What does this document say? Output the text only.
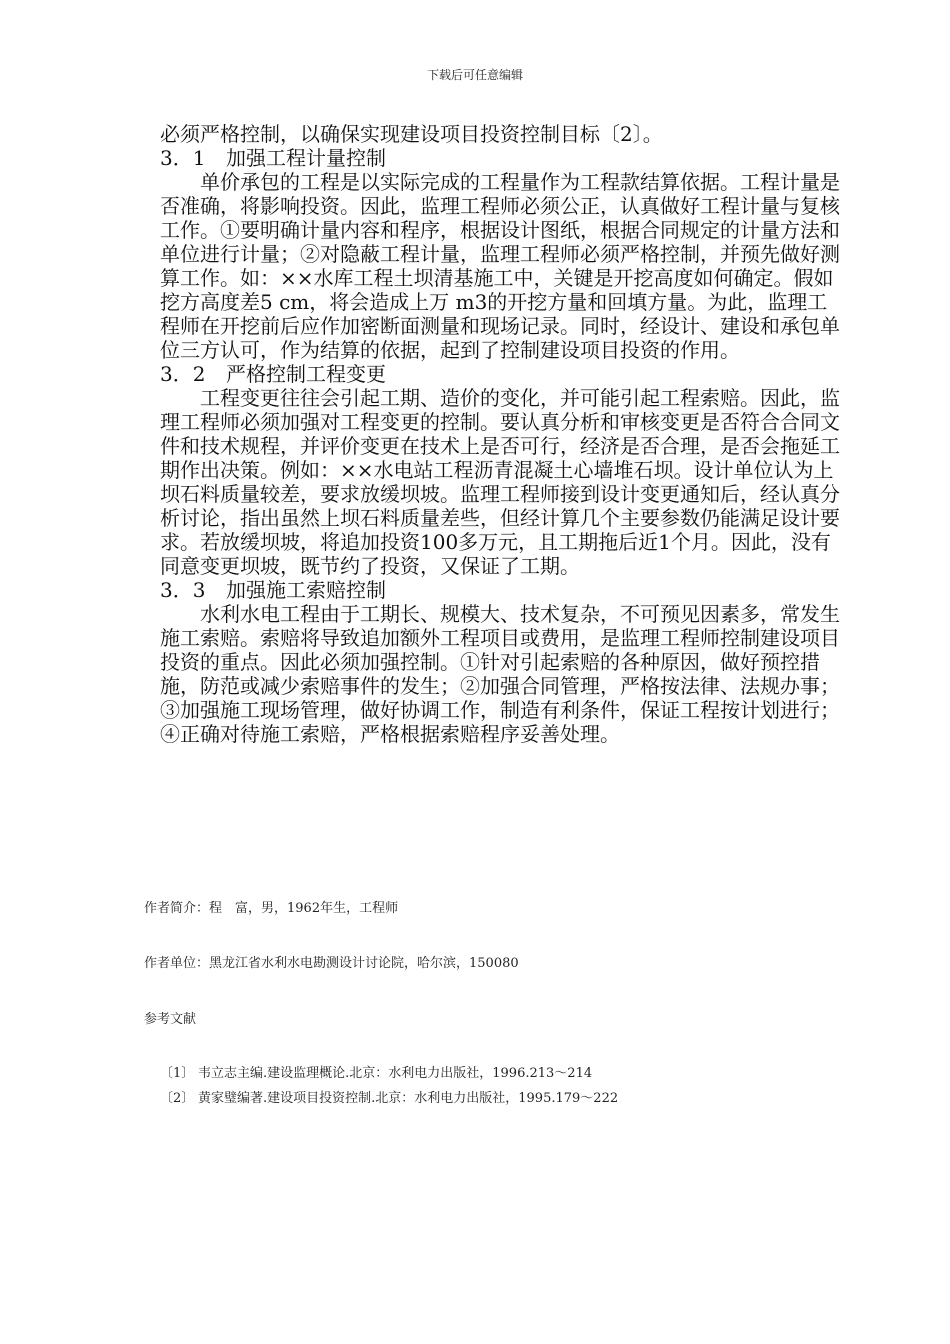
下载后可任意编辑

必须严格控制，以确保实现建设项目投资控制目标〔2〕。

3．1 加强工程计量控制

单价承包的工程是以实际完成的工程量作为工程款结算依据。工程计量是否准确，将影响投资。因此，监理工程师必须公正，认真做好工程计量与复核工作。①要明确计量内容和程序，根据设计图纸，根据合同规定的计量方法和单位进行计量；②对隐蔽工程计量，监理工程师必须严格控制，并预先做好测算工作。如：××水库工程土坝清基施工中，关键是开挖高度如何确定。假如挖方高度差5 cm，将会造成上万 m3的开挖方量和回填方量。为此，监理工程师在开挖前后应作加密断面测量和现场记录。同时，经设计、建设和承包单位三方认可，作为结算的依据，起到了控制建设项目投资的作用。

3．2 严格控制工程变更

工程变更往往会引起工期、造价的变化，并可能引起工程索赔。因此，监理工程师必须加强对工程变更的控制。要认真分析和审核变更是否符合合同文件和技术规程，并评价变更在技术上是否可行，经济是否合理，是否会拖延工期作出决策。例如：××水电站工程沥青混凝土心墙堆石坝。设计单位认为上坝石料质量较差，要求放缓坝坡。监理工程师接到设计变更通知后，经认真分析讨论，指出虽然上坝石料质量差些，但经计算几个主要参数仍能满足设计要求。若放缓坝坡，将追加投资100多万元，且工期拖后近1个月。因此，没有同意变更坝坡，既节约了投资，又保证了工期。

3．3 加强施工索赔控制

水利水电工程由于工期长、规模大、技术复杂，不可预见因素多，常发生施工索赔。索赔将导致追加额外工程项目或费用，是监理工程师控制建设项目投资的重点。因此必须加强控制。①针对引起索赔的各种原因，做好预控措施，防范或减少索赔事件的发生；②加强合同管理，严格按法律、法规办事；③加强施工现场管理，做好协调工作，制造有利条件，保证工程按计划进行；④正确对待施工索赔，严格根据索赔程序妥善处理。

作者简介：程　富，男，1962年生，工程师
作者单位：黑龙江省水利水电勘测设计讨论院，哈尔滨，150080
参考文献
〔1〕 韦立志主编.建设监理概论.北京：水利电力出版社，1996.213～214
〔2〕 黄家璧编著.建设项目投资控制.北京：水利电力出版社，1995.179～222
